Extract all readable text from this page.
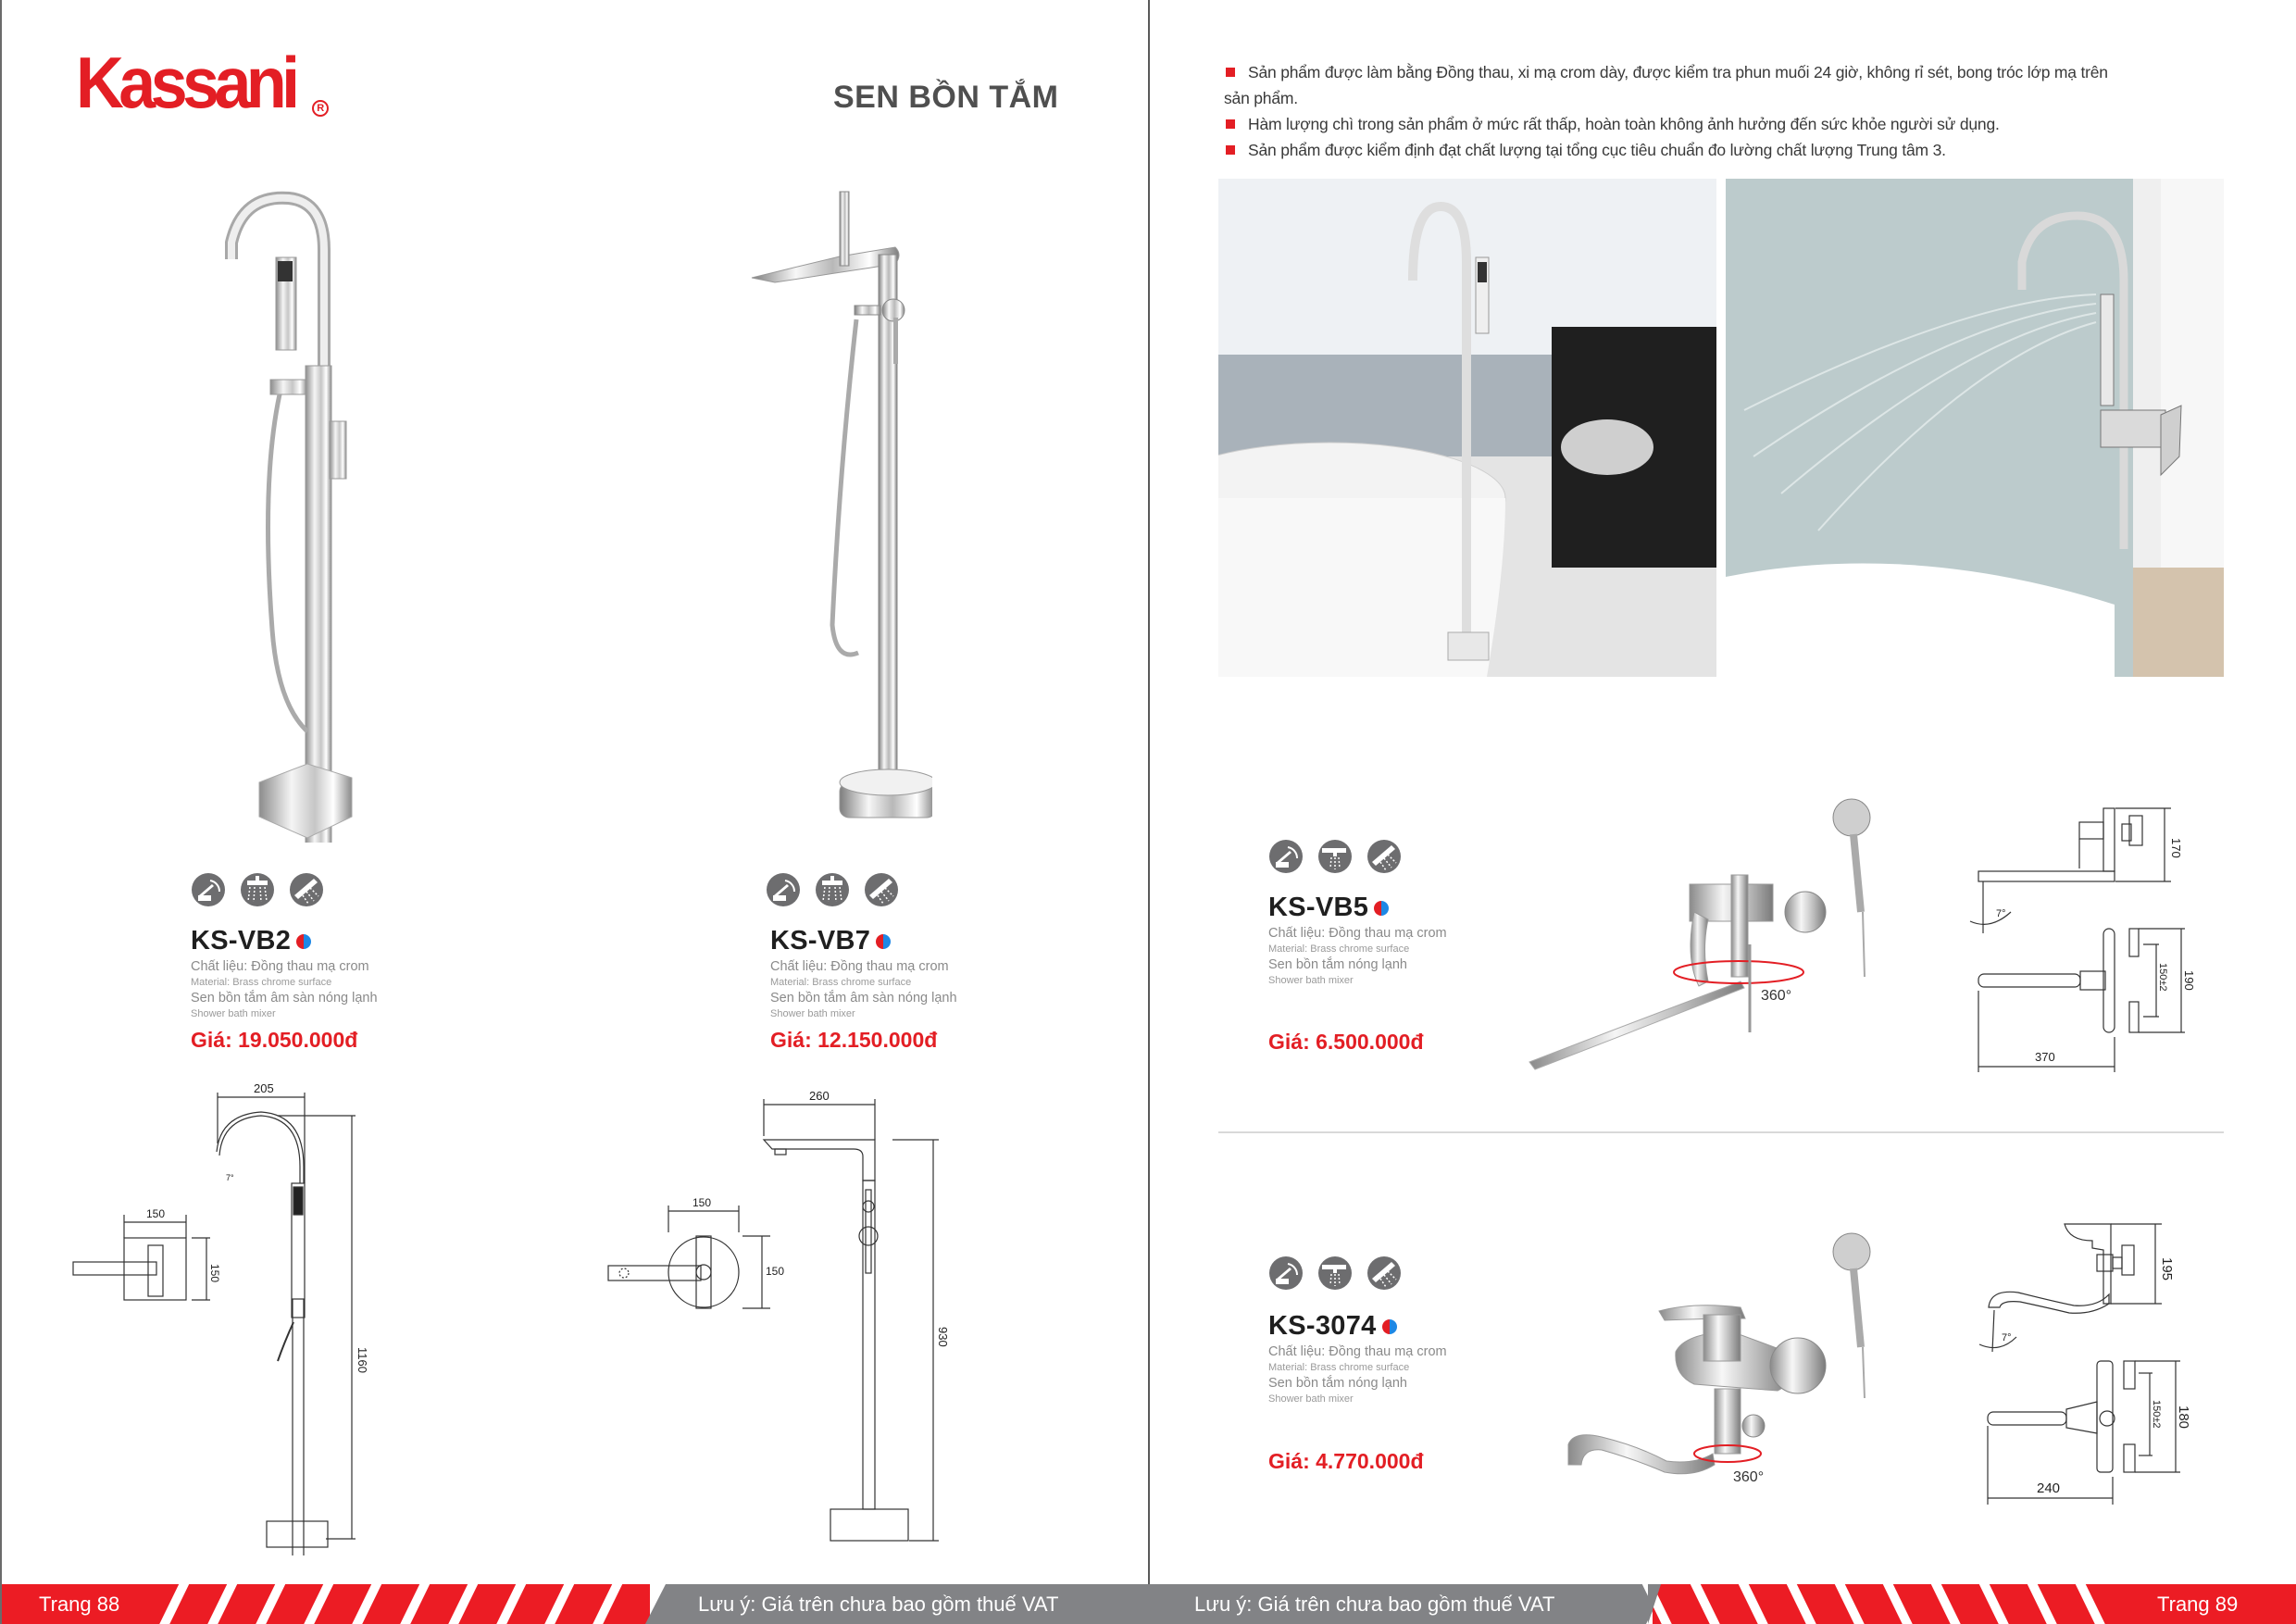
Kassani	R	SEN BỒN TẮM
KS-VB2
Chất liệu: Đồng thau mạ crom
Material: Brass chrome surface
Sen bồn tắm âm sàn nóng lạnh
Shower bath mixer
Giá: 19.050.000đ
KS-VB7
Chất liệu: Đồng thau mạ crom
Material: Brass chrome surface
Sen bồn tắm âm sàn nóng lạnh
Shower bath mixer
Giá: 12.150.000đ
205
7°
1160
150
150
260
930
150
150
Trang 88	Lưu ý: Giá trên chưa bao gồm thuế VAT
Sản phẩm được làm bằng Đồng thau, xi mạ crom dày, được kiểm tra phun muối 24 giờ, không rỉ sét, bong tróc lớp mạ trên
sản phẩm.
Hàm lượng chì trong sản phẩm ở mức rất thấp, hoàn toàn không ảnh hưởng đến sức khỏe người sử dụng.
Sản phẩm được kiểm định đạt chất lượng tại tổng cục tiêu chuẩn đo lường chất lượng Trung tâm 3.
KS-VB5
Chất liệu: Đồng thau mạ crom
Material: Brass chrome surface
Sen bồn tắm nóng lạnh
Shower bath mixer
Giá: 6.500.000đ
360°
170
7°
150±2 190
370
KS-3074
Chất liệu: Đồng thau mạ crom
Material: Brass chrome surface
Sen bồn tắm nóng lạnh
Shower bath mixer
Giá: 4.770.000đ
360°
7°
195
150±2 180
240
Lưu ý: Giá trên chưa bao gồm thuế VAT	Trang 89
